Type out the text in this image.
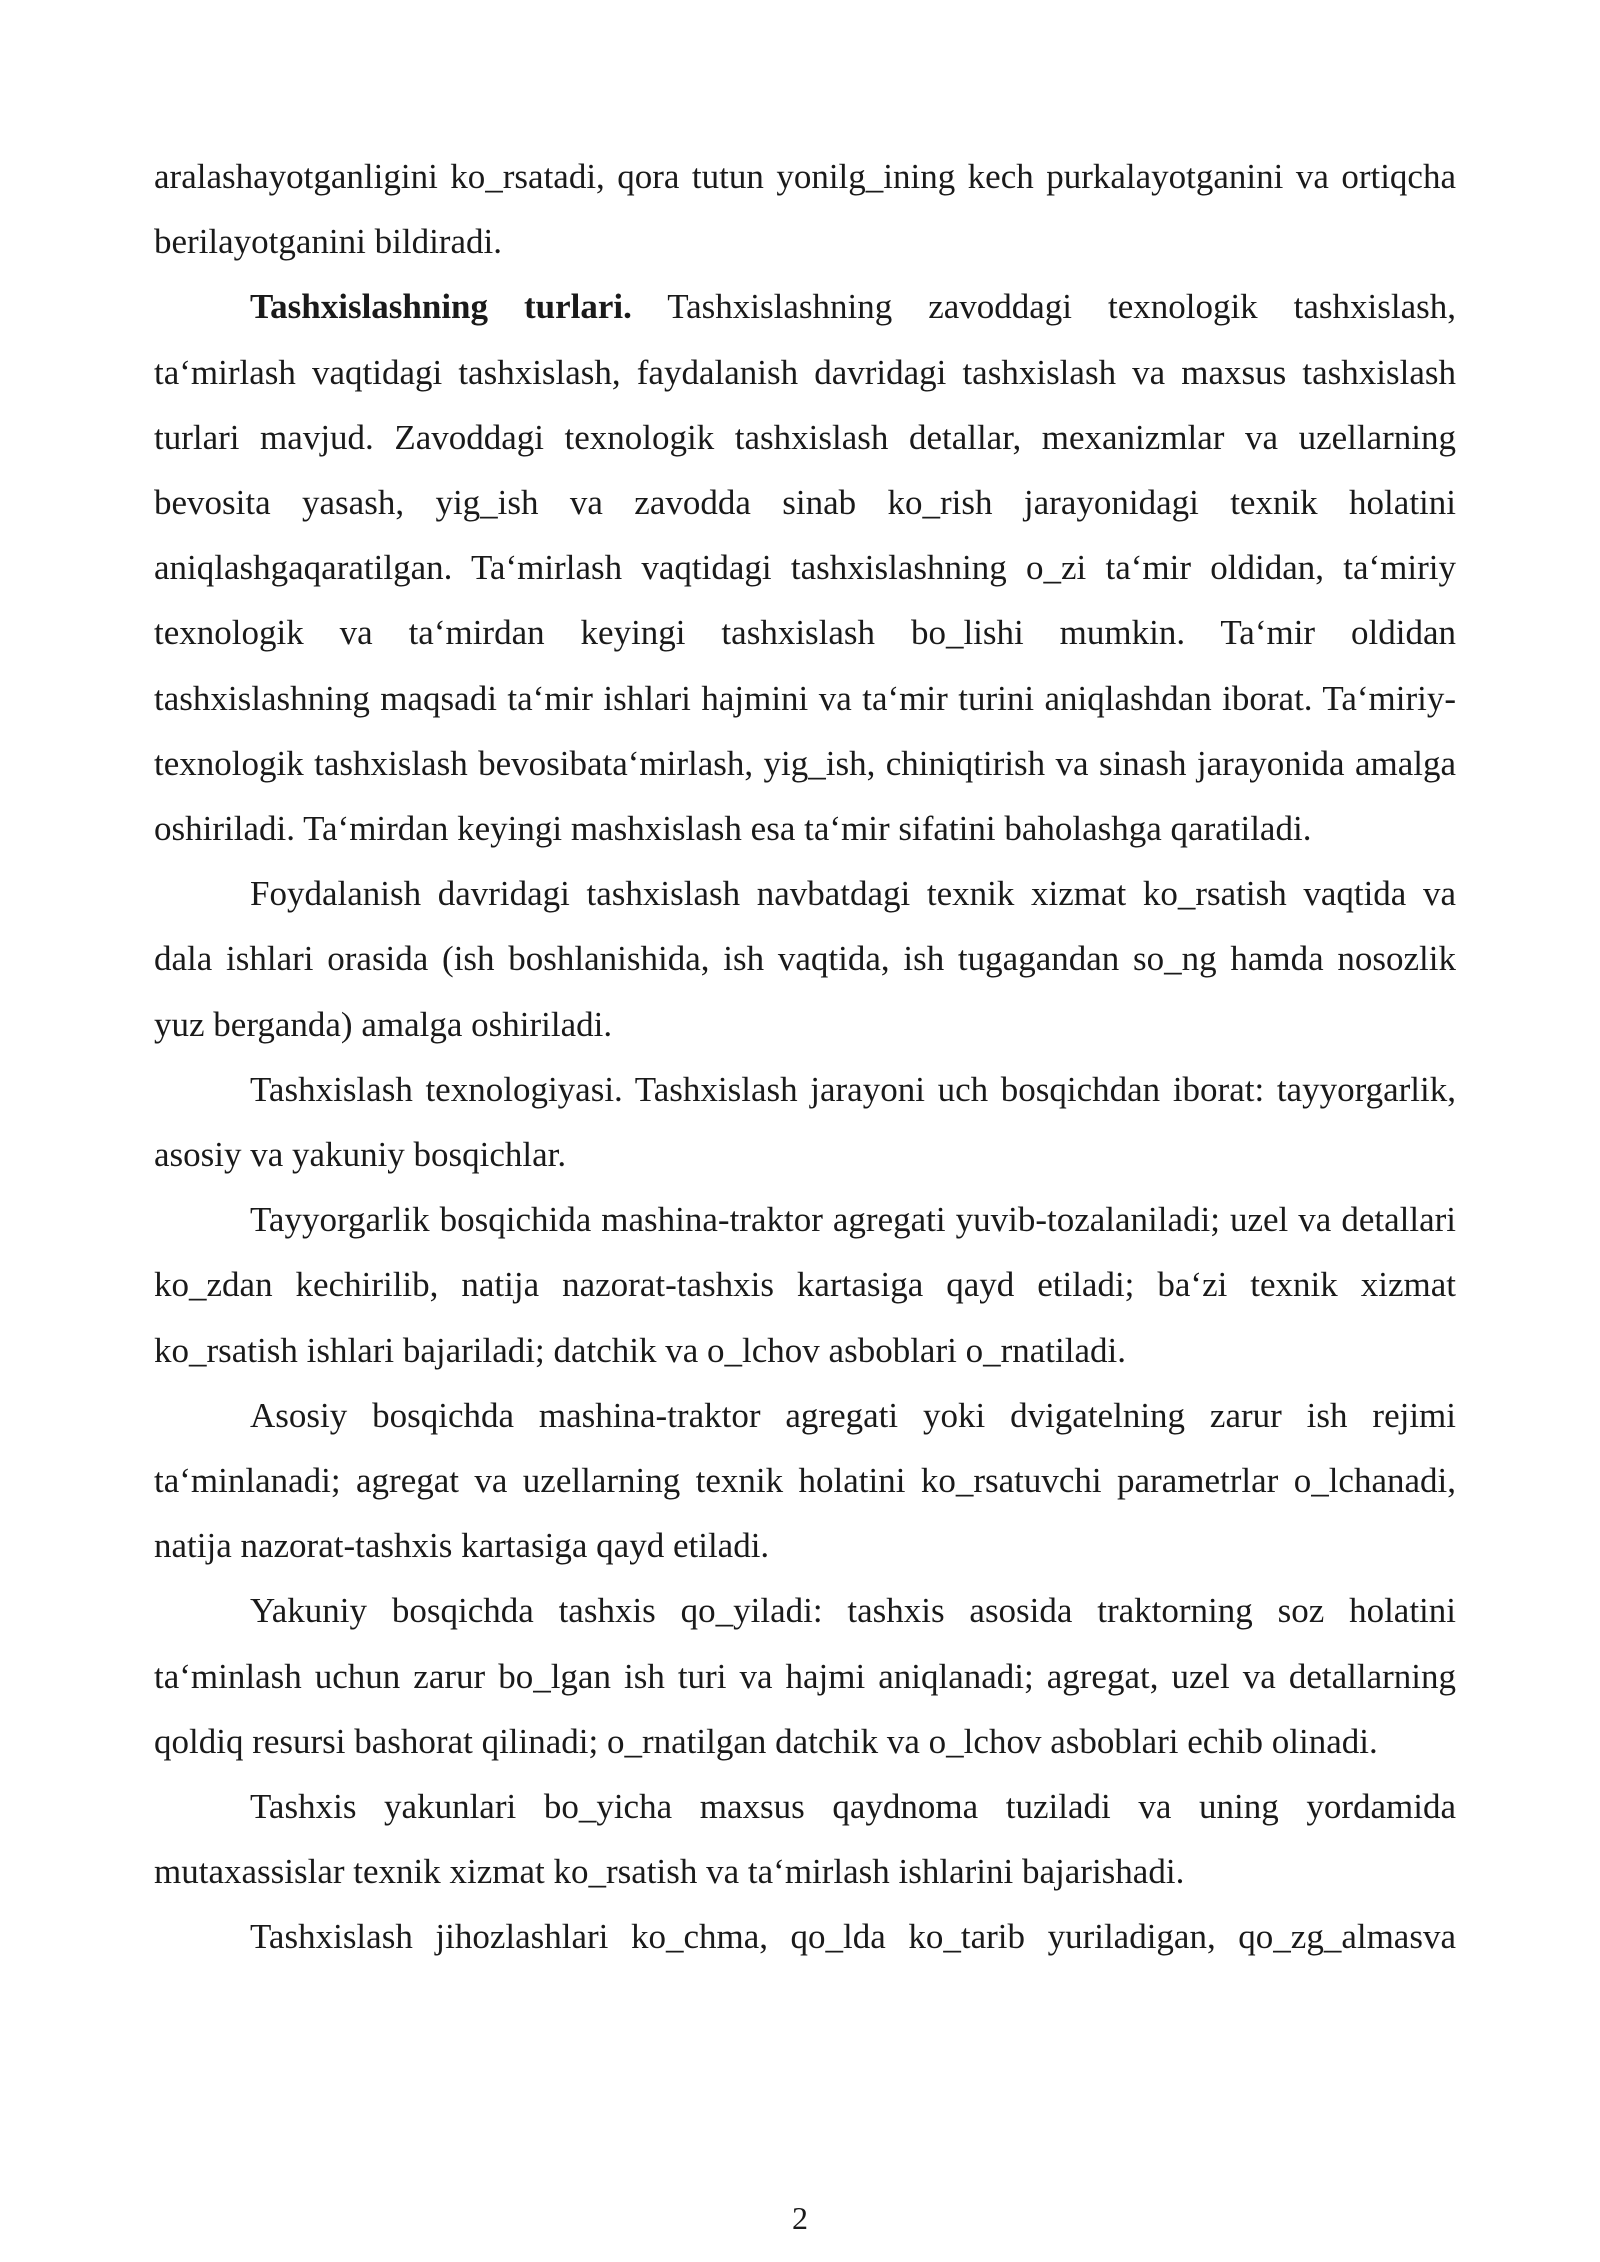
aralashayotganligini ko_rsatadi, qora tutun yonilg_ining kech purkalayotganini va ortiqcha berilayotganini bildiradi.

Tashxislashning turlari. Tashxislashning zavoddagi texnologik tashxislash, ta‘mirlash vaqtidagi tashxislash, faydalanish davridagi tashxislash va maxsus tashxislash turlari mavjud. Zavoddagi texnologik tashxislash detallar, mexanizmlar va uzellarning bevosita yasash, yig_ish va zavodda sinab ko_rish jarayonidagi texnik holatini aniqlashgaqaratilgan. Ta‘mirlash vaqtidagi tashxislashning o_zi ta‘mir oldidan, ta‘miriy texnologik va ta‘mirdan keyingi tashxislash bo_lishi mumkin. Ta‘mir oldidan tashxislashning maqsadi ta‘mir ishlari hajmini va ta‘mir turini aniqlashdan iborat. Ta‘miriy-texnologik tashxislash bevosibata‘mirlash, yig_ish, chiniqtirish va sinash jarayonida amalga oshiriladi. Ta‘mirdan keyingi mashxislash esa ta‘mir sifatini baholashga qaratiladi.

Foydalanish davridagi tashxislash navbatdagi texnik xizmat ko_rsatish vaqtida va dala ishlari orasida (ish boshlanishida, ish vaqtida, ish tugagandan so_ng hamda nosozlik yuz berganda) amalga oshiriladi.

Tashxislash texnologiyasi. Tashxislash jarayoni uch bosqichdan iborat: tayyorgarlik, asosiy va yakuniy bosqichlar.

Tayyorgarlik bosqichida mashina-traktor agregati yuvib-tozalaniladi; uzel va detallari ko_zdan kechirilib, natija nazorat-tashxis kartasiga qayd etiladi; ba‘zi texnik xizmat ko_rsatish ishlari bajariladi; datchik va o_lchov asboblari o_rnatiladi.

Asosiy bosqichda mashina-traktor agregati yoki dvigatelning zarur ish rejimi ta‘minlanadi; agregat va uzellarning texnik holatini ko_rsatuvchi parametrlar o_lchanadi, natija nazorat-tashxis kartasiga qayd etiladi.

Yakuniy bosqichda tashxis qo_yiladi: tashxis asosida traktorning soz holatini ta‘minlash uchun zarur bo_lgan ish turi va hajmi aniqlanadi; agregat, uzel va detallarning qoldiq resursi bashorat qilinadi; o_rnatilgan datchik va o_lchov asboblari echib olinadi.

Tashxis yakunlari bo_yicha maxsus qaydnoma tuziladi va uning yordamida mutaxassislar texnik xizmat ko_rsatish va ta‘mirlash ishlarini bajarishadi.

Tashxislash jihozlashlari ko_chma, qo_lda ko_tarib yuriladigan, qo_zg_almasva

2
